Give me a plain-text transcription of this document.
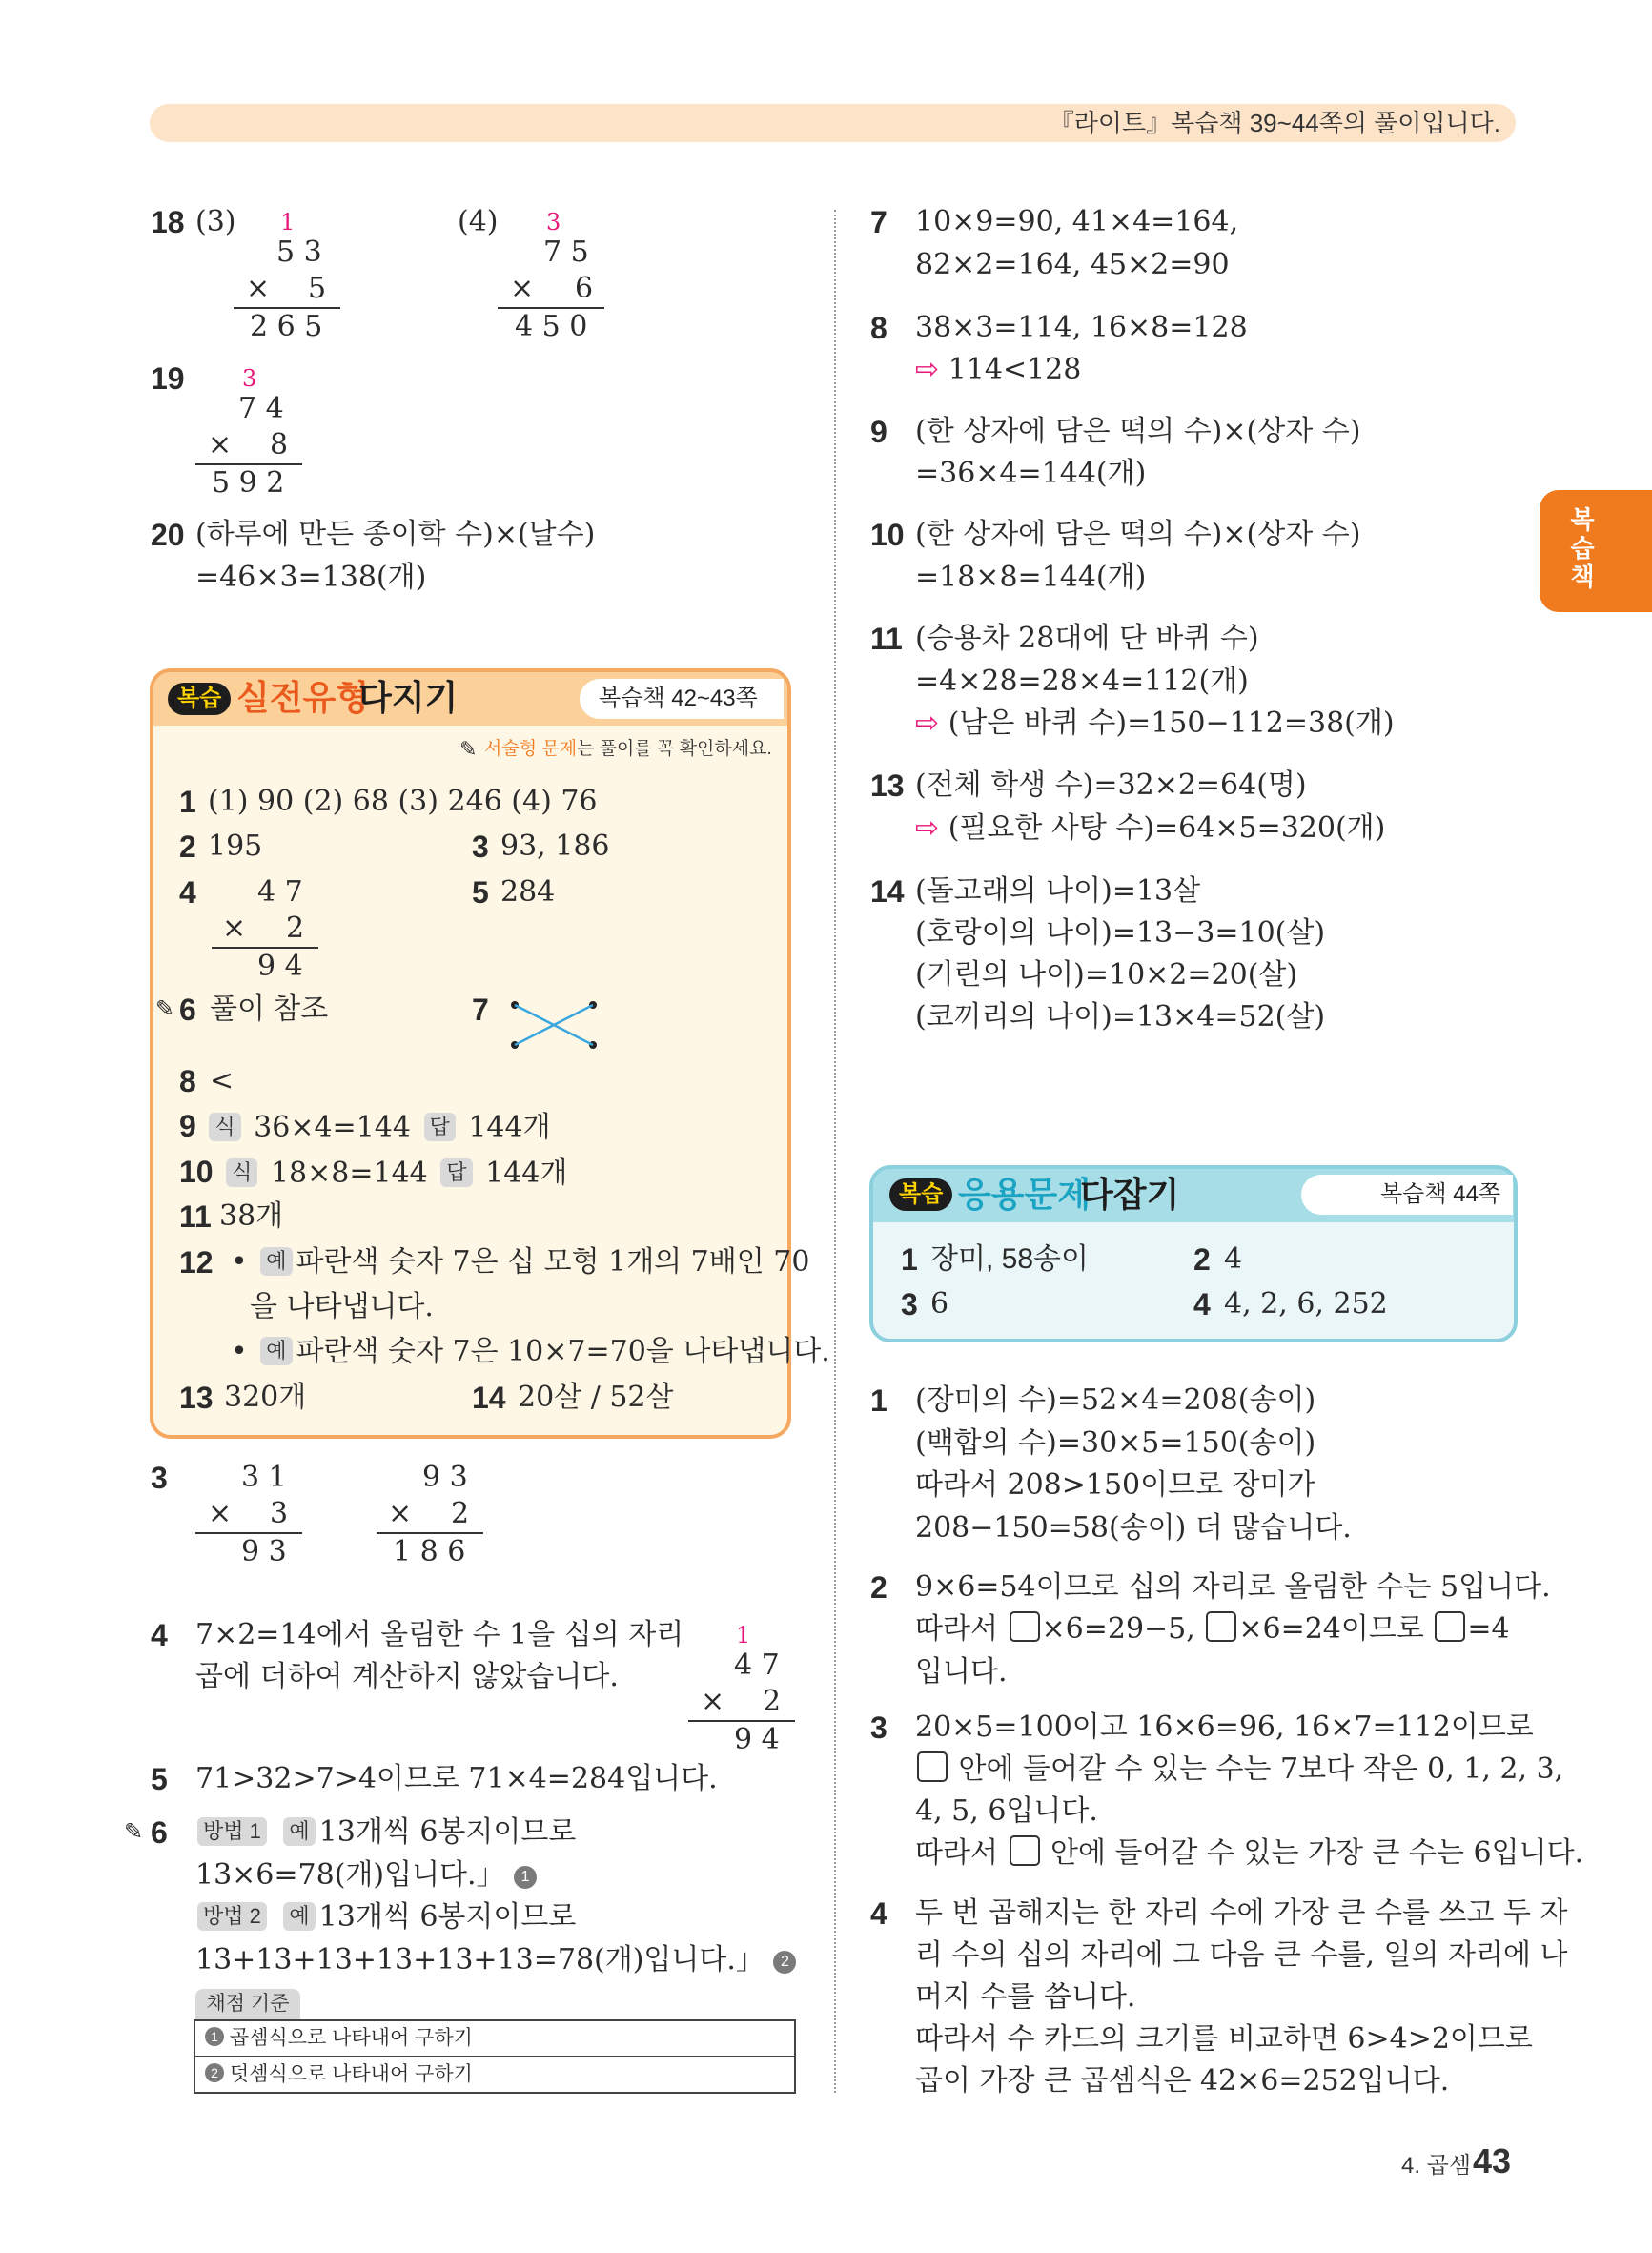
『라이트』복습책 39~44쪽의 풀이입니다.
복습책
18 (3) 1
5 3
× 5
2 6 5
(4) 3
7 5
× 6
4 5 0
19	3
7 4
× 8
5 9 2
20 (하루에 만든 종이학 수)×(날수)
=46×3=138(개)
복습 실전유형
다지기	복습책 42~43쪽
✎ 서술형 문제는 풀이를 꼭 확인하세요.
1 (1) 90 (2) 68 (3) 246 (4) 76
2 195	3 93, 186
4 4 7
× 2
9 4
5 284
✎ 6 풀이 참조	7
8 <
9 식 36×4=144 답 144개
10 식 18×8=144 답 144개
11 38개
12 • 예 파란색 숫자 7은 십 모형 1개의 7배인 70
을 나타냅니다.
• 예 파란색 숫자 7은 10×7=70을 나타냅니다.
13 320개	14 20살 / 52살
3	3 1
× 3
9 3
9 3
× 2
1 8 6
4 7×2=14에서 올림한 수 1을 십의 자리
곱에 더하여 계산하지 않았습니다.
1
4 7
× 2
9 4
5 71>32>7>4이므로 71×4=284입니다.
✎ 6	방법 1 예 13개씩 6봉지이므로
13×6=78(개)입니다.」 1
방법 2 예 13개씩 6봉지이므로
13+13+13+13+13+13=78(개)입니다.」 2
채점 기준
1 곱셈식으로 나타내어 구하기
2 덧셈식으로 나타내어 구하기
7 10×9=90, 41×4=164,
82×2=164, 45×2=90
8 38×3=114, 16×8=128
⇨ 114<128
9 (한 상자에 담은 떡의 수)×(상자 수)
=36×4=144(개)
10 (한 상자에 담은 떡의 수)×(상자 수)
=18×8=144(개)
11 (승용차 28대에 단 바퀴 수)
=4×28=28×4=112(개)
⇨ (남은 바퀴 수)=150−112=38(개)
13 (전체 학생 수)=32×2=64(명)
⇨ (필요한 사탕 수)=64×5=320(개)
14 (돌고래의 나이)=13살
(호랑이의 나이)=13−3=10(살)
(기린의 나이)=10×2=20(살)
(코끼리의 나이)=13×4=52(살)
복습 응용문제
다잡기	복습책 44쪽
1 장미, 58송이	2 4
3 6	4 4, 2, 6, 252
1 (장미의 수)=52×4=208(송이)
(백합의 수)=30×5=150(송이)
따라서 208>150이므로 장미가
208−150=58(송이) 더 많습니다.
2 9×6=54이므로 십의 자리로 올림한 수는 5입니다.
따라서 ×6=29−5, ×6=24이므로 =4
입니다.
3 20×5=100이고 16×6=96, 16×7=112이므로
안에 들어갈 수 있는 수는 7보다 작은 0, 1, 2, 3,
4, 5, 6입니다.
따라서 안에 들어갈 수 있는 가장 큰 수는 6입니다.
4 두 번 곱해지는 한 자리 수에 가장 큰 수를 쓰고 두 자
리 수의 십의 자리에 그 다음 큰 수를, 일의 자리에 나
머지 수를 씁니다.
따라서 수 카드의 크기를 비교하면 6>4>2이므로
곱이 가장 큰 곱셈식은 42×6=252입니다.
4. 곱셈 43
